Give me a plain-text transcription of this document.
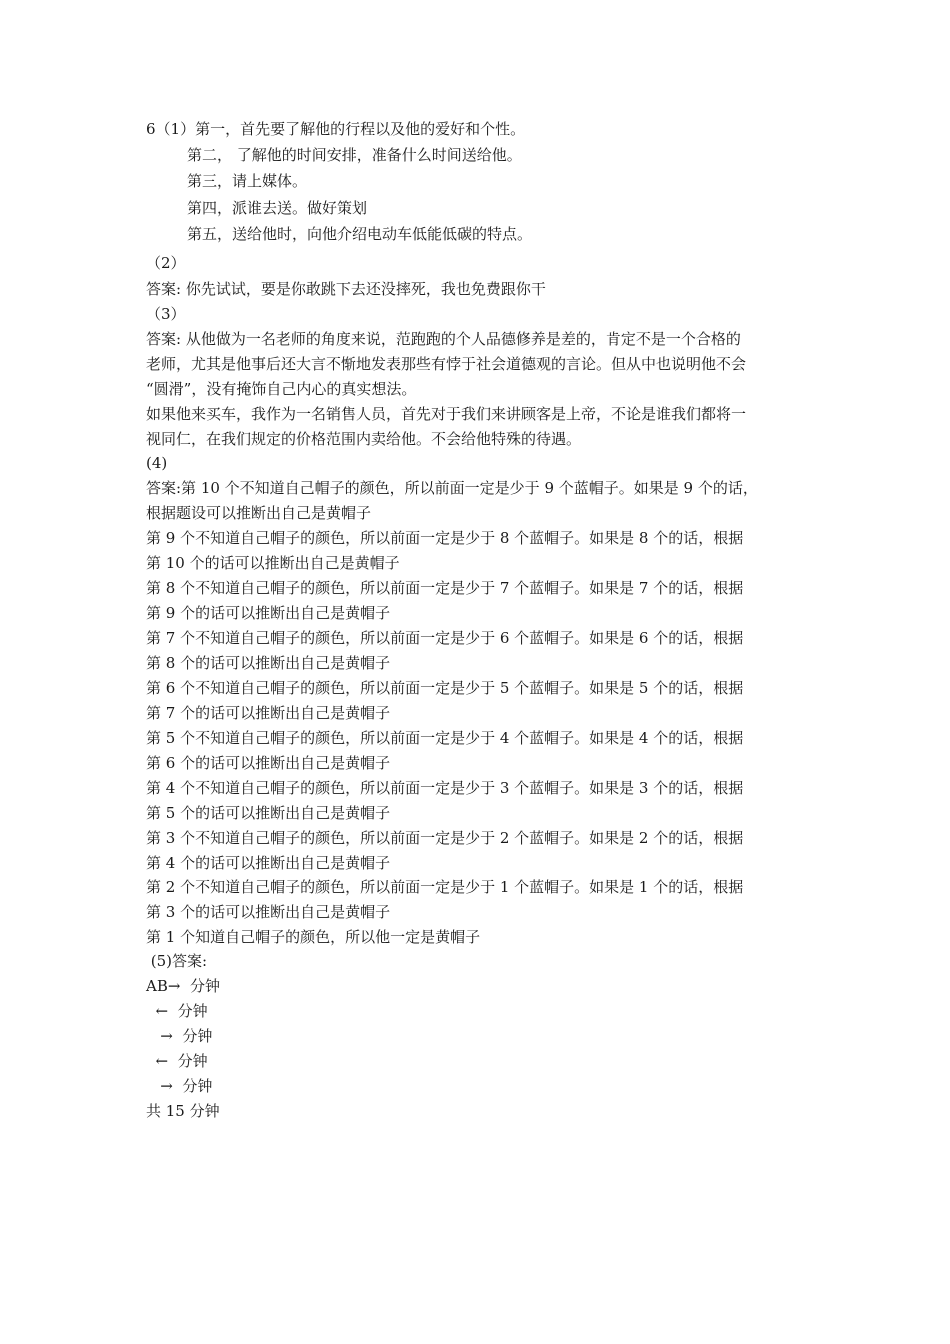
6（1）第一，首先要了解他的行程以及他的爱好和个性。
第二， 了解他的时间安排，准备什么时间送给他。
第三，请上媒体。
第四，派谁去送。做好策划
第五，送给他时，向他介绍电动车低能低碳的特点。
（2）
答案: 你先试试，要是你敢跳下去还没摔死，我也免费跟你干
（3）
答案: 从他做为一名老师的角度来说，范跑跑的个人品德修养是差的，肯定不是一个合格的
老师，尤其是他事后还大言不惭地发表那些有悖于社会道德观的言论。但从中也说明他不会
“圆滑”，没有掩饰自己内心的真实想法。
如果他来买车，我作为一名销售人员，首先对于我们来讲顾客是上帝，不论是谁我们都将一
视同仁，在我们规定的价格范围内卖给他。不会给他特殊的待遇。
(4)
答案:第 10 个不知道自己帽子的颜色，所以前面一定是少于 9 个蓝帽子。如果是 9 个的话，
根据题设可以推断出自己是黄帽子
第 9 个不知道自己帽子的颜色，所以前面一定是少于 8 个蓝帽子。如果是 8 个的话，根据
第 10 个的话可以推断出自己是黄帽子
第 8 个不知道自己帽子的颜色，所以前面一定是少于 7 个蓝帽子。如果是 7 个的话，根据
第 9 个的话可以推断出自己是黄帽子
第 7 个不知道自己帽子的颜色，所以前面一定是少于 6 个蓝帽子。如果是 6 个的话，根据
第 8 个的话可以推断出自己是黄帽子
第 6 个不知道自己帽子的颜色，所以前面一定是少于 5 个蓝帽子。如果是 5 个的话，根据
第 7 个的话可以推断出自己是黄帽子
第 5 个不知道自己帽子的颜色，所以前面一定是少于 4 个蓝帽子。如果是 4 个的话，根据
第 6 个的话可以推断出自己是黄帽子
第 4 个不知道自己帽子的颜色，所以前面一定是少于 3 个蓝帽子。如果是 3 个的话，根据
第 5 个的话可以推断出自己是黄帽子
第 3 个不知道自己帽子的颜色，所以前面一定是少于 2 个蓝帽子。如果是 2 个的话，根据
第 4 个的话可以推断出自己是黄帽子
第 2 个不知道自己帽子的颜色，所以前面一定是少于 1 个蓝帽子。如果是 1 个的话，根据
第 3 个的话可以推断出自己是黄帽子
第 1 个知道自己帽子的颜色，所以他一定是黄帽子
(5)答案:
AB→  分钟
←  分钟
→  分钟
←  分钟
→  分钟
共 15 分钟
